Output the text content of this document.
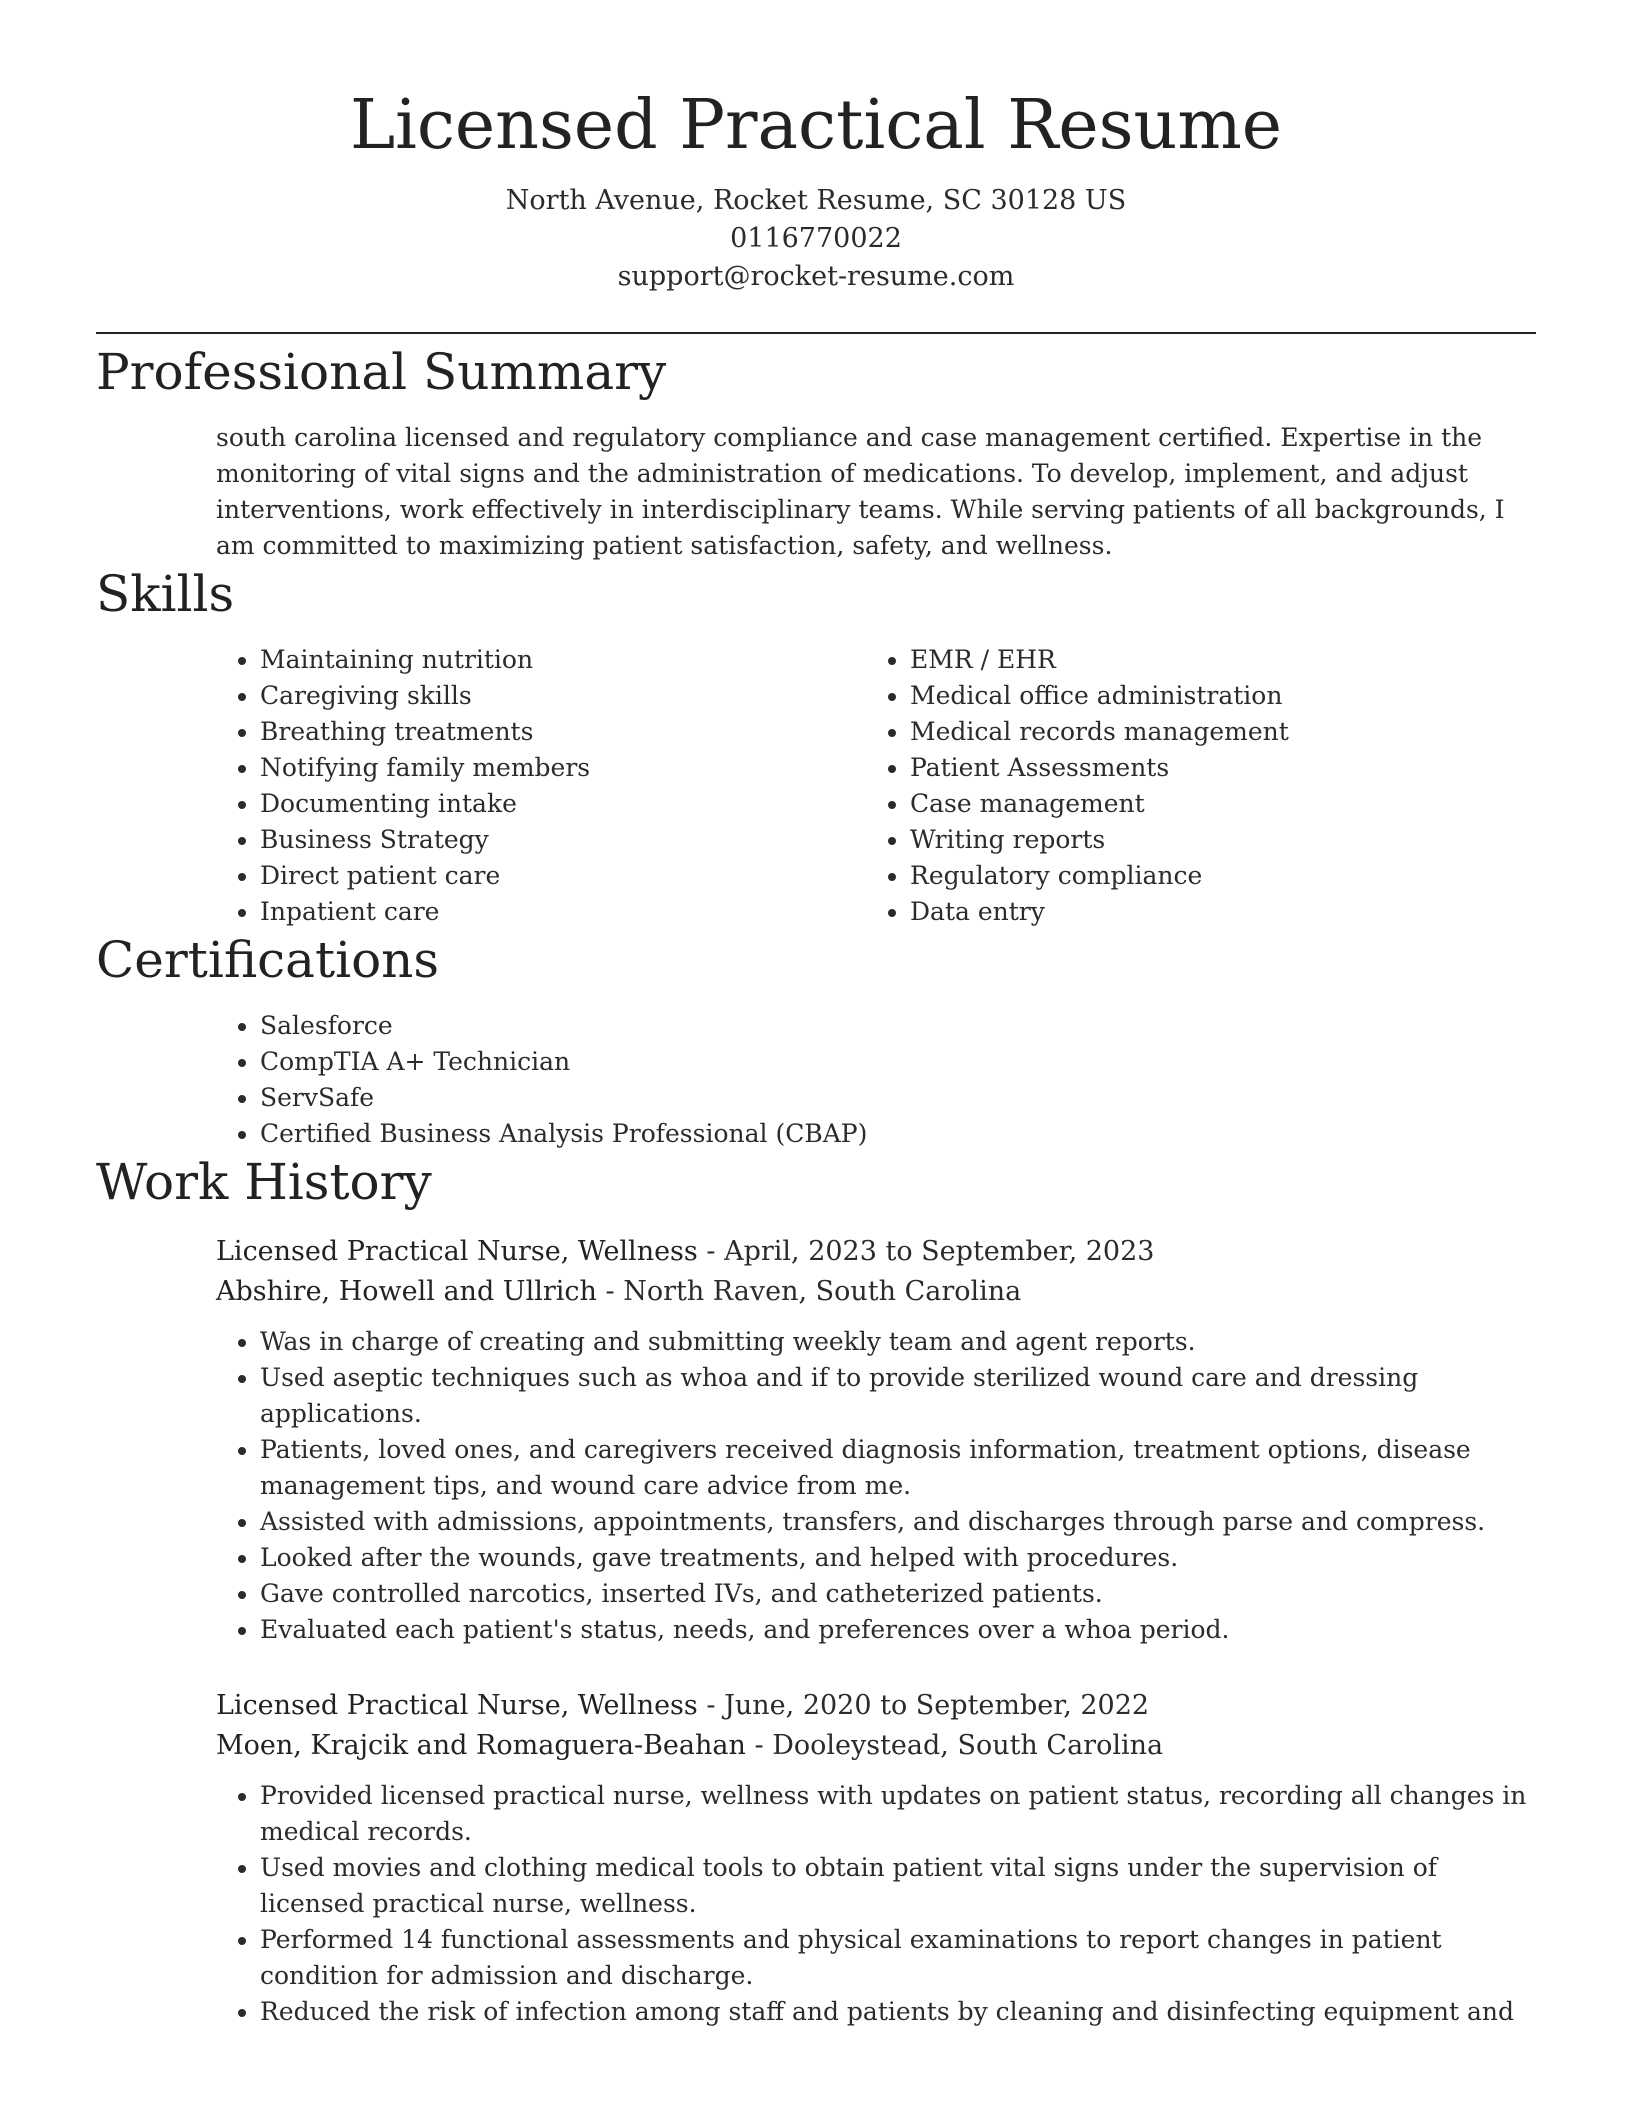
Licensed Practical Resume
North Avenue, Rocket Resume, SC 30128 US
0116770022
support@rocket-resume.com
Professional Summary

south carolina licensed and regulatory compliance and case management certified. Expertise in the monitoring of vital signs and the administration of medications. To develop, implement, and adjust interventions, work effectively in interdisciplinary teams. While serving patients of all backgrounds, I am committed to maximizing patient satisfaction, safety, and wellness.

Skills
• Maintaining nutrition
• Caregiving skills
• Breathing treatments
• Notifying family members
• Documenting intake
• Business Strategy
• Direct patient care
• Inpatient care
• EMR / EHR
• Medical office administration
• Medical records management
• Patient Assessments
• Case management
• Writing reports
• Regulatory compliance
• Data entry
Certifications
• Salesforce
• CompTIA A+ Technician
• ServSafe
• Certified Business Analysis Professional (CBAP)
Work History
Licensed Practical Nurse, Wellness - April, 2023 to September, 2023
Abshire, Howell and Ullrich - North Raven, South Carolina
• Was in charge of creating and submitting weekly team and agent reports.
• Used aseptic techniques such as whoa and if to provide sterilized wound care and dressing applications.
• Patients, loved ones, and caregivers received diagnosis information, treatment options, disease management tips, and wound care advice from me.
• Assisted with admissions, appointments, transfers, and discharges through parse and compress.
• Looked after the wounds, gave treatments, and helped with procedures.
• Gave controlled narcotics, inserted IVs, and catheterized patients.
• Evaluated each patient's status, needs, and preferences over a whoa period.
Licensed Practical Nurse, Wellness - June, 2020 to September, 2022
Moen, Krajcik and Romaguera-Beahan - Dooleystead, South Carolina
• Provided licensed practical nurse, wellness with updates on patient status, recording all changes in medical records.
• Used movies and clothing medical tools to obtain patient vital signs under the supervision of licensed practical nurse, wellness.
• Performed 14 functional assessments and physical examinations to report changes in patient condition for admission and discharge.
• Reduced the risk of infection among staff and patients by cleaning and disinfecting equipment and
